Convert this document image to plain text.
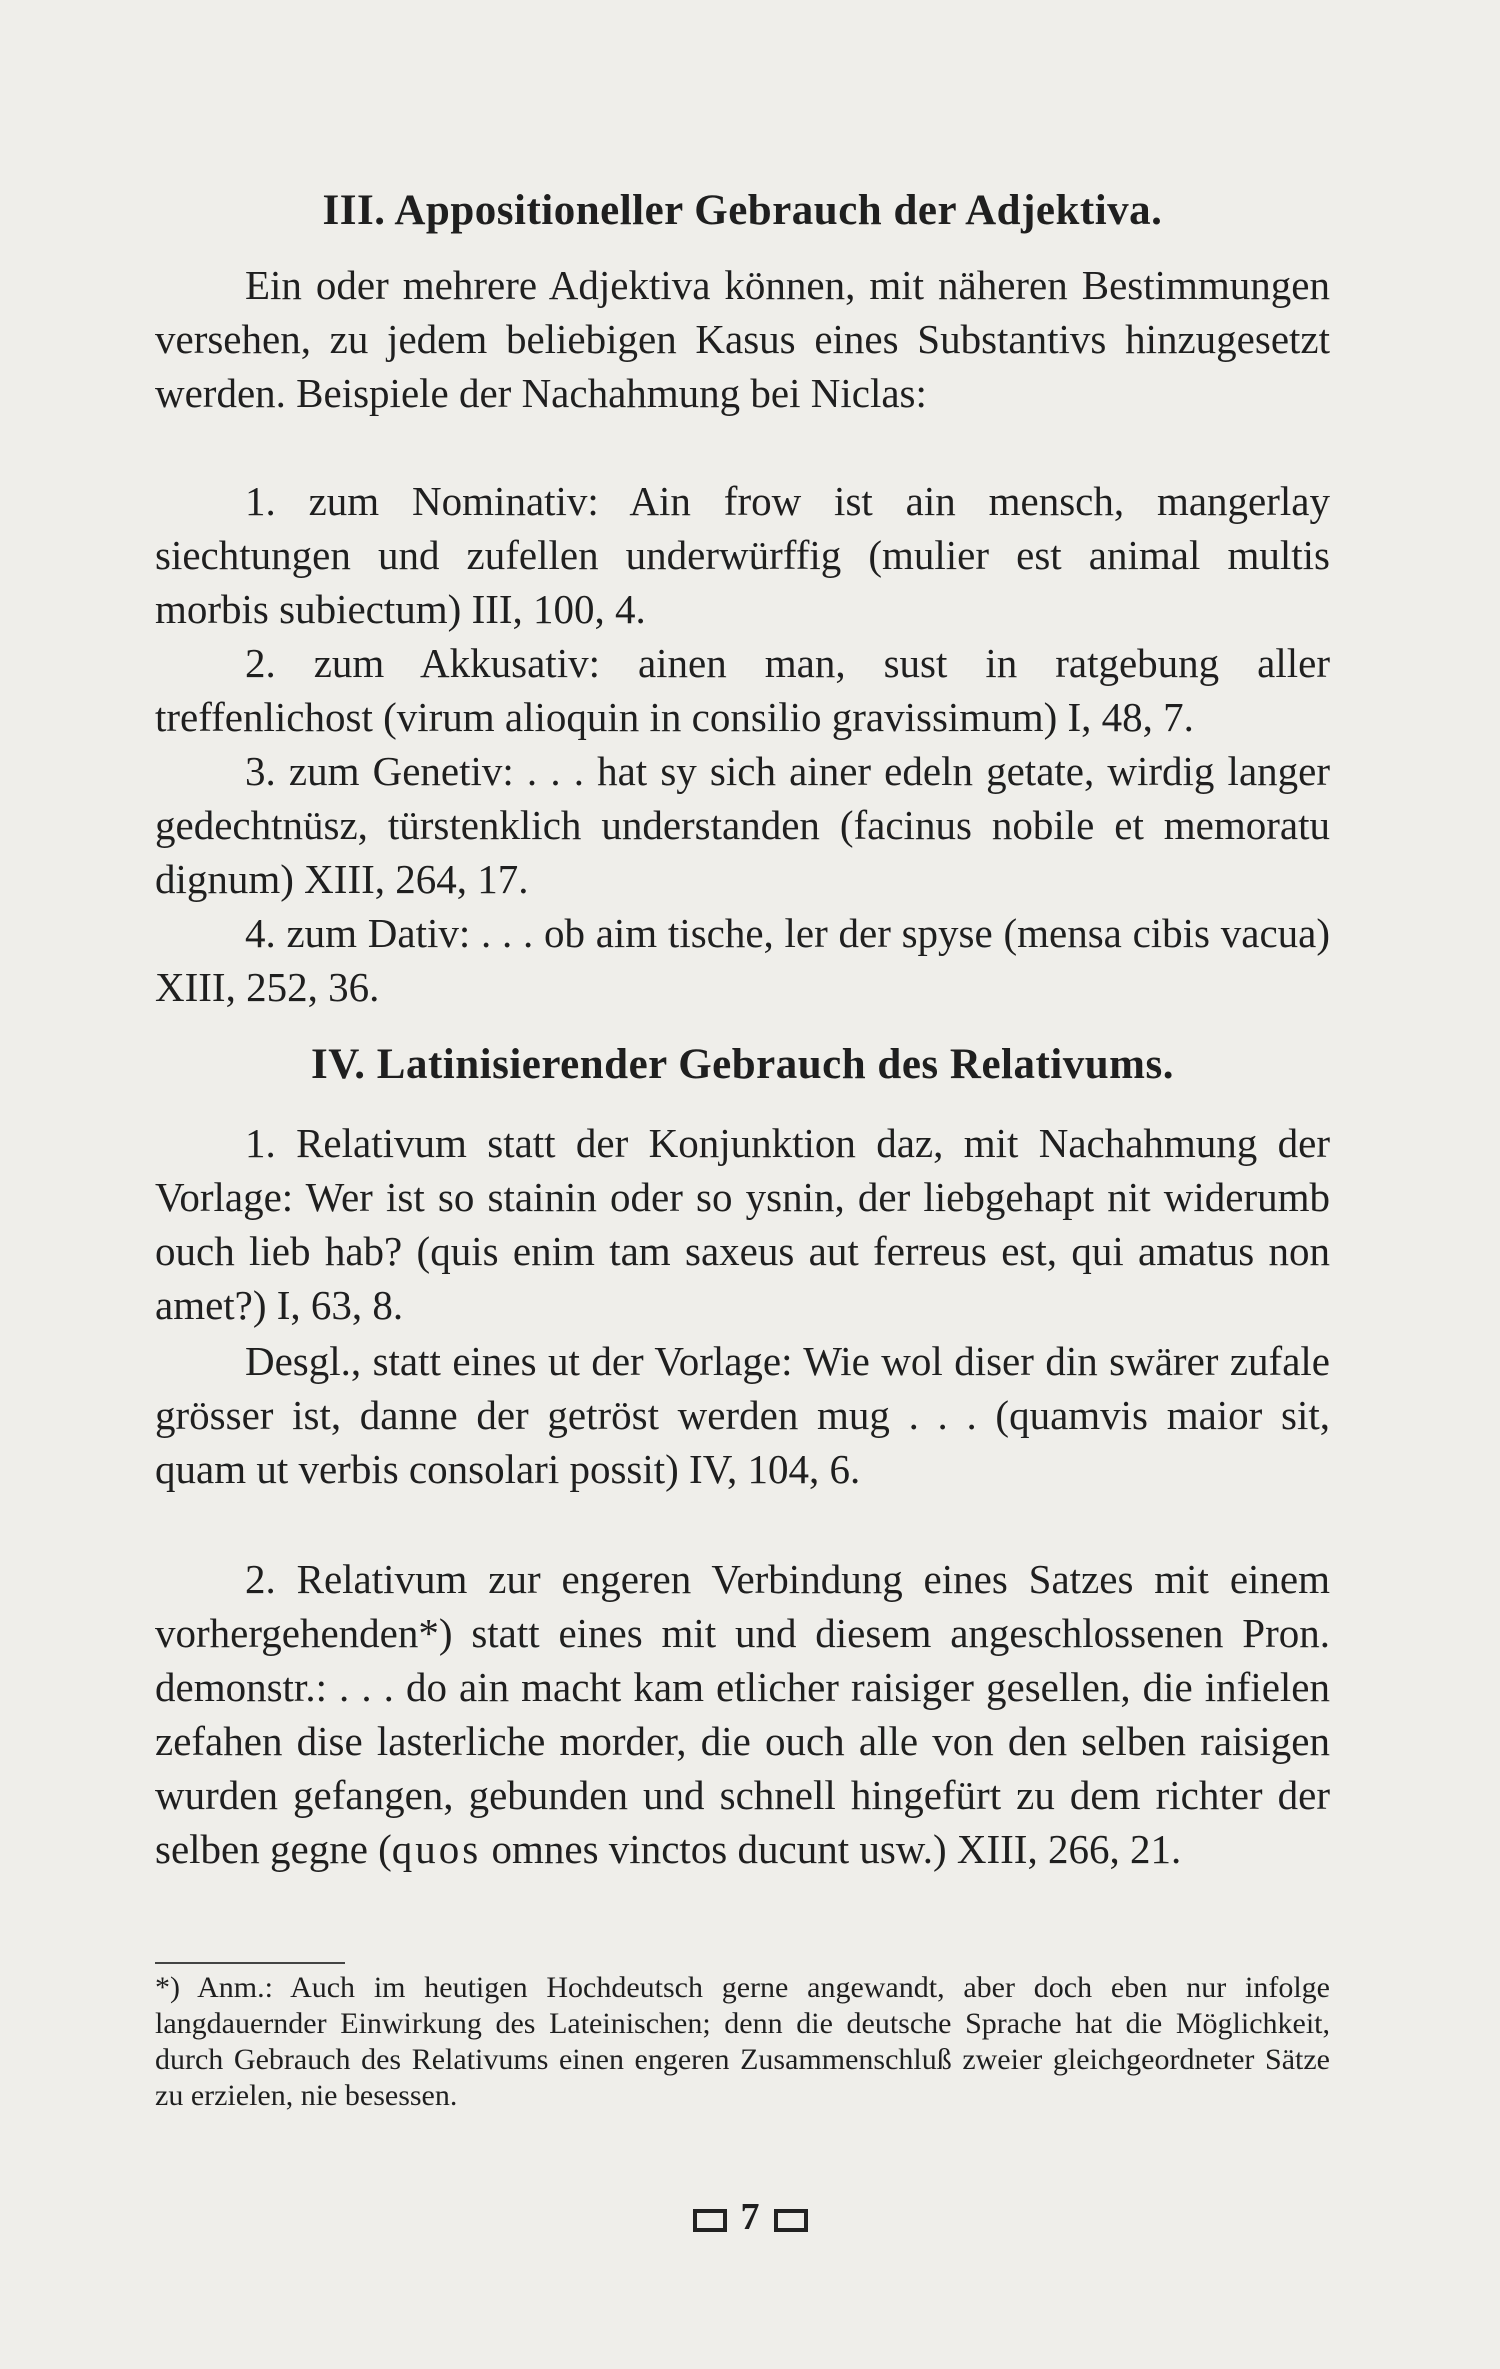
III. Appositioneller Gebrauch der Adjektiva.

Ein oder mehrere Adjektiva können, mit näheren Bestimmungen versehen, zu jedem beliebigen Kasus eines Substantivs hinzugesetzt werden. Beispiele der Nachahmung bei Niclas:

1. zum Nominativ: Ain frow ist ain mensch, mangerlay siechtungen und zufellen underwürffig (mulier est animal multis morbis subiectum) III, 100, 4.

2. zum Akkusativ: ainen man, sust in ratgebung aller treffenlichost (virum alioquin in consilio gravissimum) I, 48, 7.

3. zum Genetiv: . . . hat sy sich ainer edeln getate, wirdig langer gedechtnüsz, türstenklich understanden (facinus nobile et memoratu dignum) XIII, 264, 17.

4. zum Dativ: . . . ob aim tische, ler der spyse (mensa cibis vacua) XIII, 252, 36.

IV. Latinisierender Gebrauch des Relativums.

1. Relativum statt der Konjunktion daz, mit Nachahmung der Vorlage: Wer ist so stainin oder so ysnin, der liebgehapt nit widerumb ouch lieb hab? (quis enim tam saxeus aut ferreus est, qui amatus non amet?) I, 63, 8.

Desgl., statt eines ut der Vorlage: Wie wol diser din swärer zufale grösser ist, danne der getröst werden mug . . . (quamvis maior sit, quam ut verbis consolari possit) IV, 104, 6.

2. Relativum zur engeren Verbindung eines Satzes mit einem vorhergehenden*) statt eines mit und diesem angeschlossenen Pron. demonstr.: . . . do ain macht kam etlicher raisiger gesellen, die infielen zefahen dise lasterliche morder, die ouch alle von den selben raisigen wurden gefangen, gebunden und schnell hingefürt zu dem richter der selben gegne (quos omnes vinctos ducunt usw.) XIII, 266, 21.

*) Anm.: Auch im heutigen Hochdeutsch gerne angewandt, aber doch eben nur infolge langdauernder Einwirkung des Lateinischen; denn die deutsche Sprache hat die Möglichkeit, durch Gebrauch des Relativums einen engeren Zusammenschluß zweier gleichgeordneter Sätze zu erzielen, nie besessen.

7
